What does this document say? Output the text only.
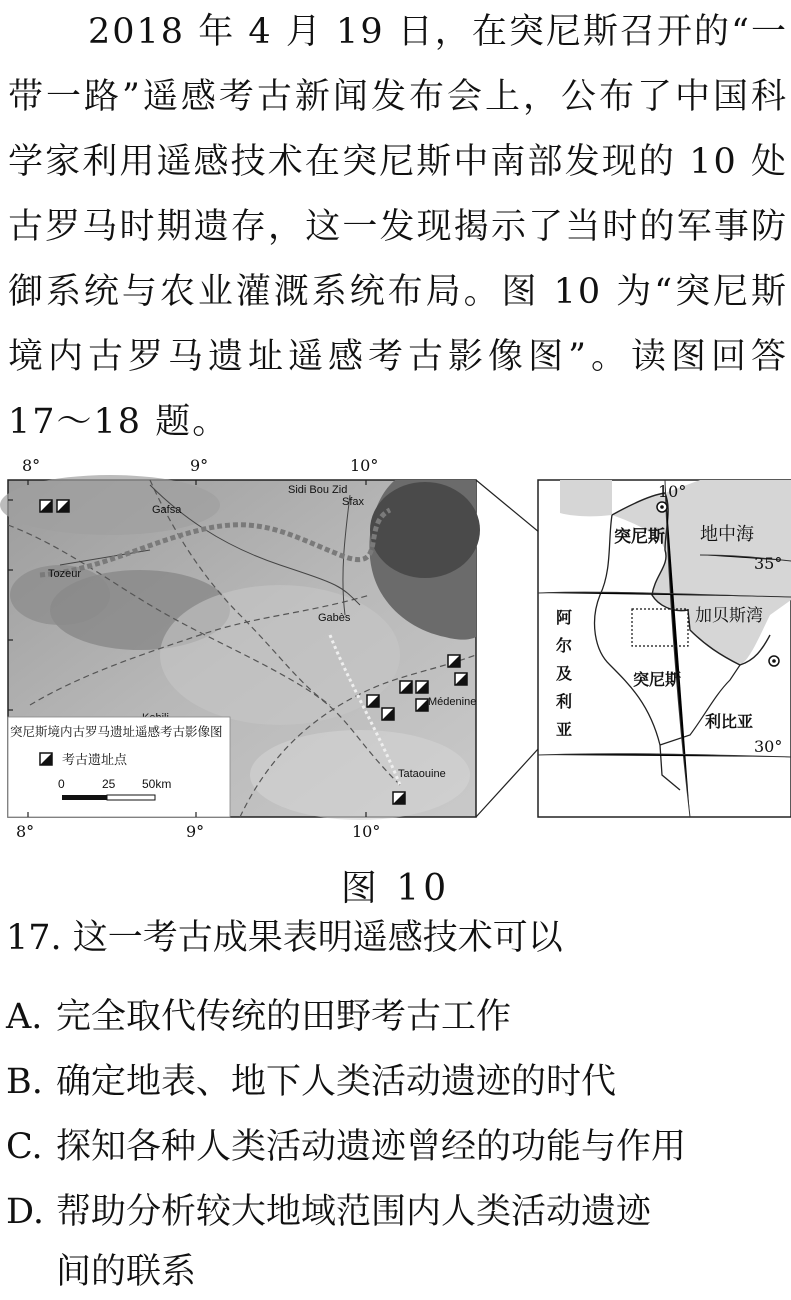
2018 年 4 月 19 日，在突尼斯召开的“一带一路”遥感考古新闻发布会上，公布了中国科学家利用遥感技术在突尼斯中南部发现的 10 处古罗马时期遗存，这一发现揭示了当时的军事防御系统与农业灌溉系统布局。图 10 为“突尼斯境内古罗马遗址遥感考古影像图”。读图回答 17～18 题。

Gafsa
Sidi Bou Zid
Sfax
Tozeur
Gabès
Médenine
Tataouine
突尼斯境内古罗马遗址遥感考古影像图
考古遗址点
0	25 50km
8°	9°	10°
8°	9°	10°
10°
突尼斯 地中海
35°
加贝斯湾
阿
尔
及
利
亚
突尼斯
利比亚
30°
图 10
17. 这一考古成果表明遥感技术可以
A. 完全取代传统的田野考古工作
B. 确定地表、地下人类活动遗迹的时代
C. 探知各种人类活动遗迹曾经的功能与作用
D. 帮助分析较大地域范围内人类活动遗迹
间的联系
